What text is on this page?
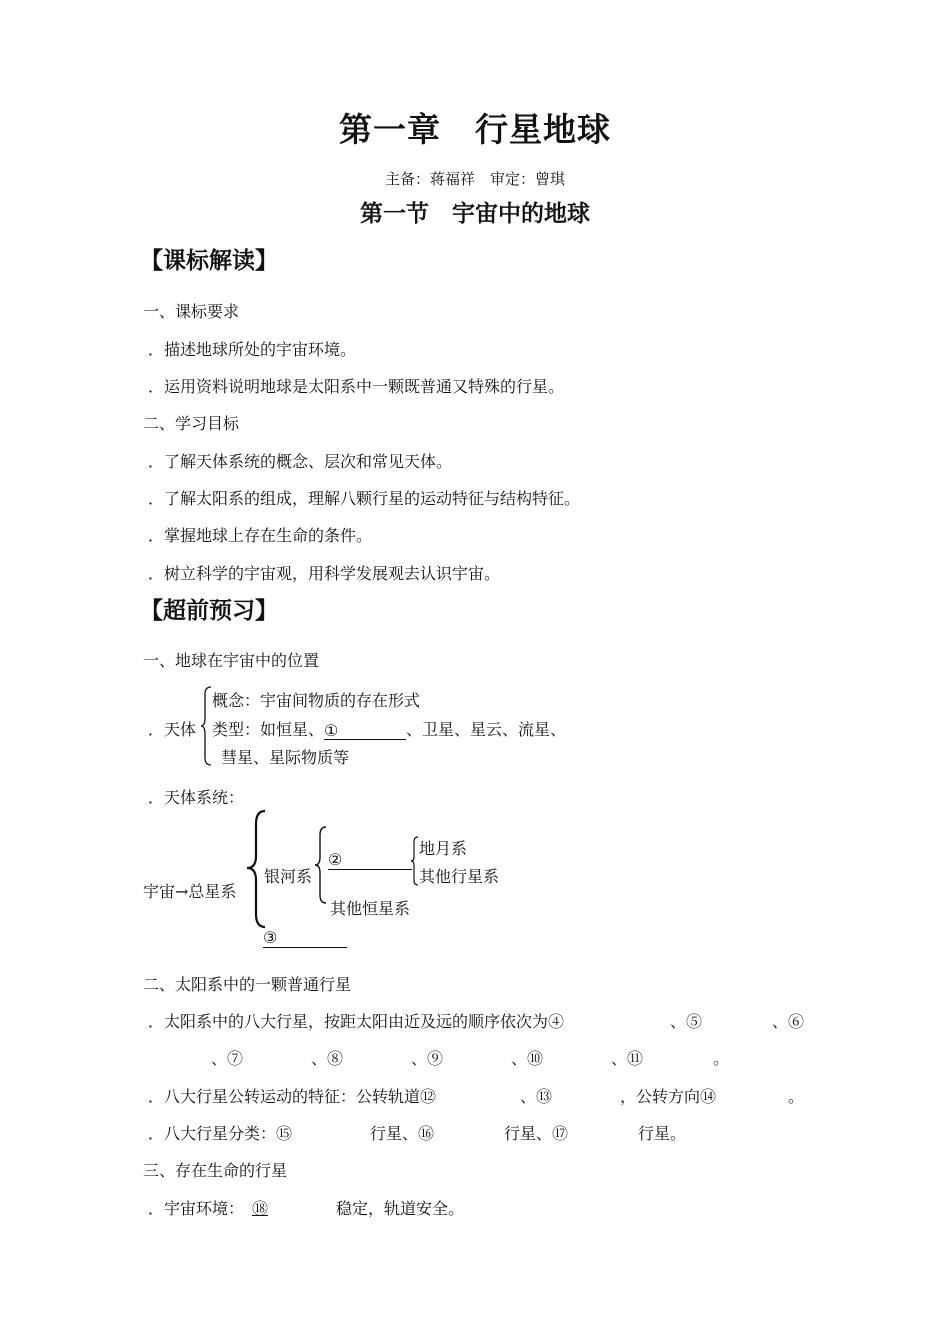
第一章　行星地球
主备：蒋福祥　审定：曾琪
第一节　宇宙中的地球
【课标解读】
一、课标要求
．描述地球所处的宇宙环境。
．运用资料说明地球是太阳系中一颗既普通又特殊的行星。
二、学习目标
．了解天体系统的概念、层次和常见天体。
．了解太阳系的组成，理解八颗行星的运动特征与结构特征。
．掌握地球上存在生命的条件。
．树立科学的宇宙观，用科学发展观去认识宇宙。
【超前预习】
一、地球在宇宙中的位置
．天体
概念：宇宙间物质的存在形式
类型：如恒星、①	、卫星、星云、流星、
彗星、星际物质等
．天体系统：
宇宙→总星系
银河系
②
地月系
其他行星系
其他恒星系
③
二、太阳系中的一颗普通行星
．太阳系中的八大行星，按距太阳由近及远的顺序依次为④	、⑤	、⑥
、⑦	、⑧	、⑨	、⑩	、⑪	。
．八大行星公转运动的特征：公转轨道⑫	、⑬	，公转方向⑭	。
．八大行星分类：⑮	行星、⑯	行星、⑰	行星。
三、存在生命的行星
．宇宙环境： ⑱	稳定，轨道安全。
